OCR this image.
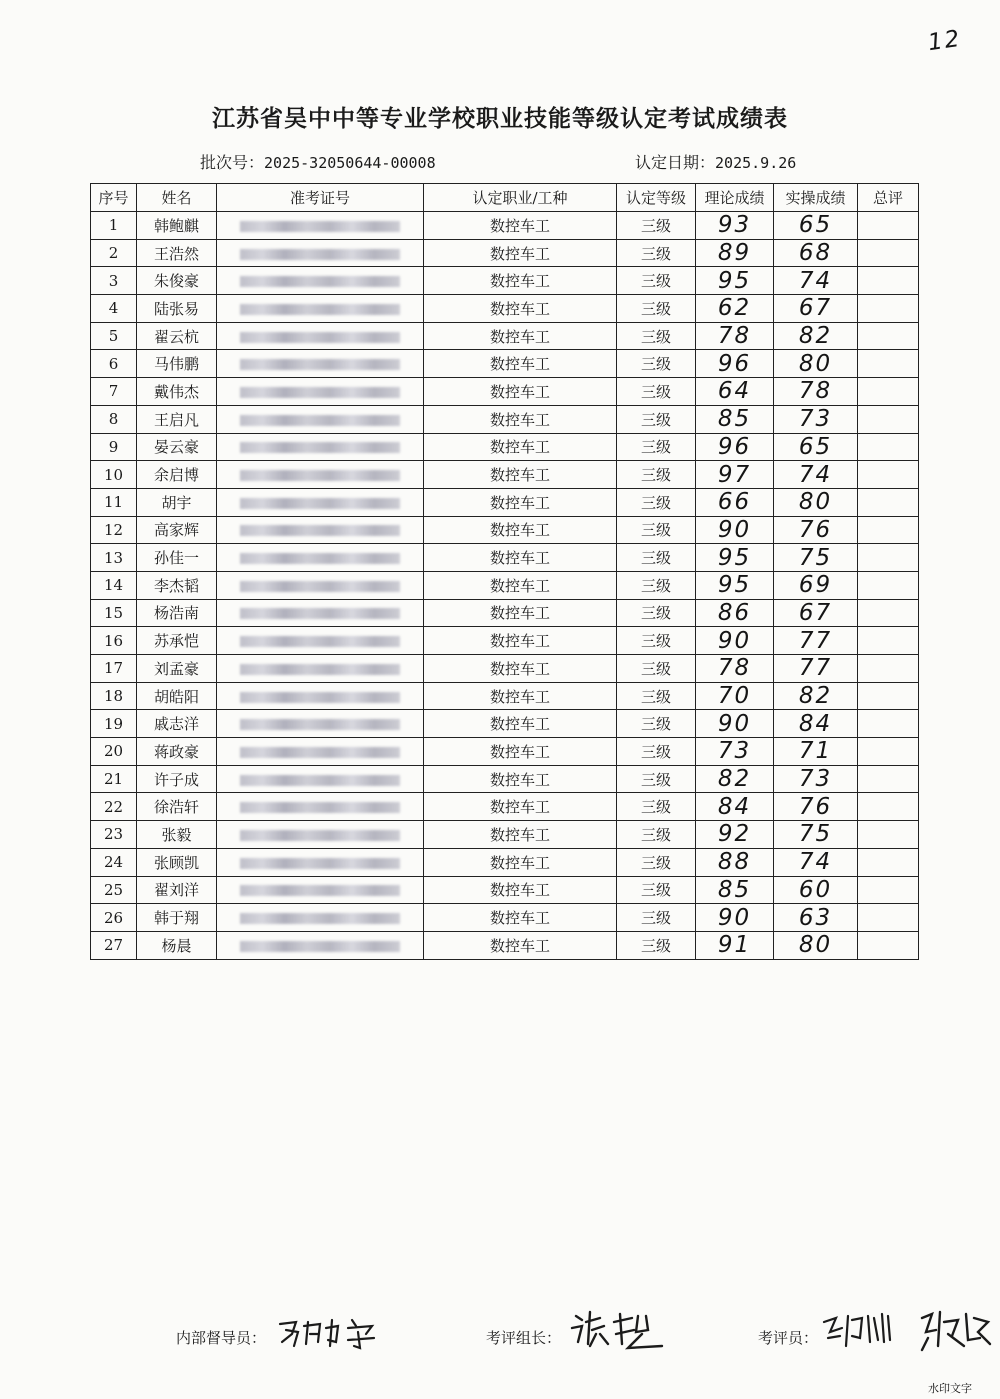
12
江苏省吴中中等专业学校职业技能等级认定考试成绩表
批次号：2025-32050644-00008	认定日期：2025.9.26
序号	姓名	准考证号	认定职业/工种	认定等级	理论成绩	实操成绩	总评
1	韩鲍麒		数控车工	三级	93	65	
2	王浩然		数控车工	三级	89	68	
3	朱俊豪		数控车工	三级	95	74	
4	陆张易		数控车工	三级	62	67	
5	翟云杭		数控车工	三级	78	82	
6	马伟鹏		数控车工	三级	96	80	
7	戴伟杰		数控车工	三级	64	78	
8	王启凡		数控车工	三级	85	73	
9	晏云豪		数控车工	三级	96	65	
10	余启博		数控车工	三级	97	74	
11	胡宇		数控车工	三级	66	80	
12	高家辉		数控车工	三级	90	76	
13	孙佳一		数控车工	三级	95	75	
14	李杰韬		数控车工	三级	95	69	
15	杨浩南		数控车工	三级	86	67	
16	苏承恺		数控车工	三级	90	77	
17	刘孟豪		数控车工	三级	78	77	
18	胡皓阳		数控车工	三级	70	82	
19	戚志洋		数控车工	三级	90	84	
20	蒋政豪		数控车工	三级	73	71	
21	许子成		数控车工	三级	82	73	
22	徐浩轩		数控车工	三级	84	76	
23	张毅		数控车工	三级	92	75	
24	张顾凯		数控车工	三级	88	74	
25	翟刘洋		数控车工	三级	85	60	
26	韩于翔		数控车工	三级	90	63	
27	杨晨		数控车工	三级	91	80	
内部督导员：	考评组长：	考评员：
水印文字
